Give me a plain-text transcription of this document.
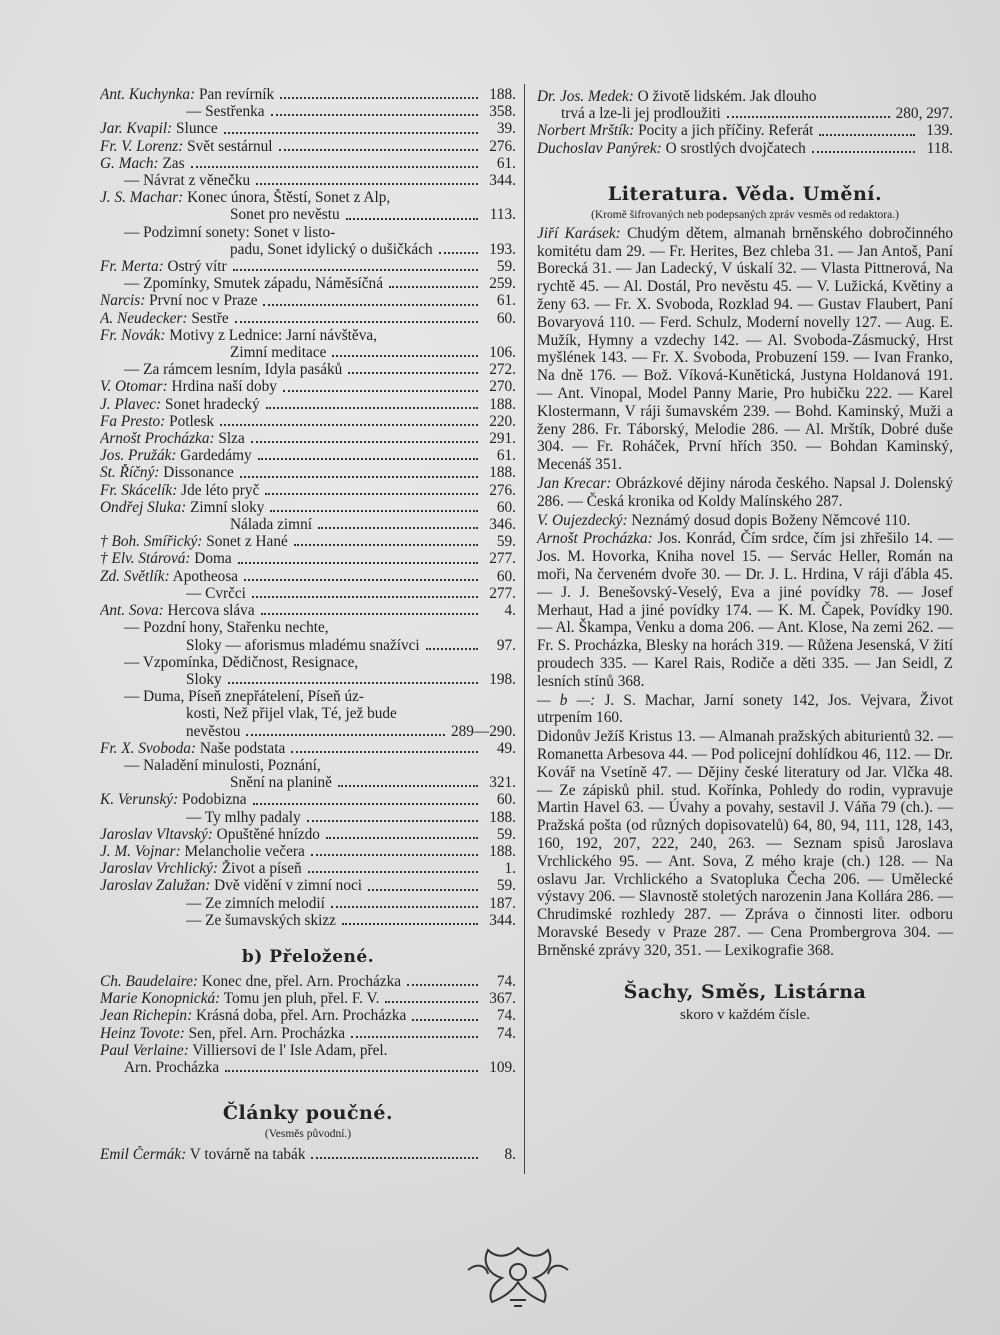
Ant. Kuchynka: Pan revírník	188.
— Sestřenka	358.
Jar. Kvapil: Slunce	39.
Fr. V. Lorenz: Svět sestárnul	276.
G. Mach: Zas	61.
— Návrat z věnečku	344.
J. S. Machar: Konec února, Štěstí, Sonet z Alp,
Sonet pro nevěstu	113.
— Podzimní sonety: Sonet v listo-
padu, Sonet idylický o dušičkách	193.
Fr. Merta: Ostrý vítr	59.
— Zpomínky, Smutek západu, Náměsíčná	259.
Narcis: První noc v Praze	61.
A. Neudecker: Sestře	60.
Fr. Novák: Motivy z Lednice: Jarní návštěva,
Zimní meditace	106.
— Za rámcem lesním, Idyla pasáků	272.
V. Otomar: Hrdina naší doby	270.
J. Plavec: Sonet hradecký	188.
Fa Presto: Potlesk	220.
Arnošt Procházka: Slza	291.
Jos. Pružák: Gardedámy	61.
St. Říčný: Dissonance	188.
Fr. Skácelík: Jde léto pryč	276.
Ondřej Sluka: Zimní sloky	60.
Nálada zimní	346.
† Boh. Smířický: Sonet z Hané	59.
† Elv. Stárová: Doma	277.
Zd. Světlík: Apotheosa	60.
— Cvrčci	277.
Ant. Sova: Hercova sláva	4.
— Pozdní hony, Stařenku nechte,
Sloky — aforismus mladému snažívci	97.
— Vzpomínka, Dědičnost, Resignace,
Sloky	198.
— Duma, Píseň znepřátelení, Píseň úz-
kosti, Než přijel vlak, Té, jež bude
nevěstou	289—290.
Fr. X. Svoboda: Naše podstata	49.
— Naladění minulosti, Poznání,
Snění na planině	321.
K. Verunský: Podobizna	60.
— Ty mlhy padaly	188.
Jaroslav Vltavský: Opuštěné hnízdo	59.
J. M. Vojnar: Melancholie večera	188.
Jaroslav Vrchlický: Život a píseň	1.
Jaroslav Zalužan: Dvě vidění v zimní noci	59.
— Ze zimních melodií	187.
— Ze šumavských skizz	344.
b) Přeložené.
Ch. Baudelaire: Konec dne, přel. Arn. Procházka	74.
Marie Konopnická: Tomu jen pluh, přel. F. V.	367.
Jean Richepin: Krásná doba, přel. Arn. Procházka	74.
Heinz Tovote: Sen, přel. Arn. Procházka	74.
Paul Verlaine: Villiersovi de l' Isle Adam, přel.
Arn. Procházka	109.
Články poučné.
(Vesměs původní.)
Emil Čermák: V továrně na tabák	8.
Dr. Jos. Medek: O životě lidském. Jak dlouho
trvá a lze-li jej prodloužiti	280, 297.
Norbert Mrštík: Pocity a jich příčiny. Referát	139.
Duchoslav Panýrek: O srostlých dvojčatech	118.
Literatura. Věda. Umění.
(Kromě šifrovaných neb podepsaných zpráv vesměs od redaktora.)
Jiří Karásek: Chudým dětem, almanah brněnského dobročinného komitétu dam 29. — Fr. Herites, Bez chleba 31. — Jan Antoš, Paní Borecká 31. — Jan Ladecký, V úskalí 32. — Vlasta Pittnerová, Na rychtě 45. — Al. Dostál, Pro nevěstu 45. — V. Lužická, Květiny a ženy 63. — Fr. X. Svoboda, Rozklad 94. — Gustav Flaubert, Paní Bovaryová 110. — Ferd. Schulz, Moderní novelly 127. — Aug. E. Mužík, Hymny a vzdechy 142. — Al. Svoboda-Zásmucký, Hrst myšlének 143. — Fr. X. Svoboda, Probuzení 159. — Ivan Franko, Na dně 176. — Bož. Víková-Kunětická, Justyna Holdanová 191. — Ant. Vinopal, Model Panny Marie, Pro hubičku 222. — Karel Klostermann, V ráji šumavském 239. — Bohd. Kaminský, Muži a ženy 286. Fr. Táborský, Melodie 286. — Al. Mrštík, Dobré duše 304. — Fr. Roháček, První hřích 350. — Bohdan Kaminský, Mecenáš 351.
Jan Krecar: Obrázkové dějiny národa českého. Napsal J. Dolenský 286. — Česká kronika od Koldy Malínského 287.
V. Oujezdecký: Neznámý dosud dopis Boženy Němcové 110.
Arnošt Procházka: Jos. Konrád, Čím srdce, čím jsi zhřešilo 14. — Jos. M. Hovorka, Kniha novel 15. — Servác Heller, Román na moři, Na červeném dvoře 30. — Dr. J. L. Hrdina, V ráji ďábla 45. — J. J. Benešovský-Veselý, Eva a jiné povídky 78. — Josef Merhaut, Had a jiné povídky 174. — K. M. Čapek, Povídky 190. — Al. Škampa, Venku a doma 206. — Ant. Klose, Na zemi 262. — Fr. S. Procházka, Blesky na horách 319. — Růžena Jesenská, V žití proudech 335. — Karel Rais, Rodiče a děti 335. — Jan Seidl, Z lesních stínů 368.
— b —: J. S. Machar, Jarní sonety 142, Jos. Vejvara, Život utrpením 160.
Didonův Ježíš Kristus 13. — Almanah pražských abiturientů 32. — Romanetta Arbesova 44. — Pod policejní dohlídkou 46, 112. — Dr. Kovář na Vsetíně 47. — Dějiny české literatury od Jar. Vlčka 48. — Ze zápisků phil. stud. Kořínka, Pohledy do rodin, vypravuje Martin Havel 63. — Úvahy a povahy, sestavil J. Váňa 79 (ch.). — Pražská pošta (od různých dopisovatelů) 64, 80, 94, 111, 128, 143, 160, 192, 207, 222, 240, 263. — Seznam spisů Jaroslava Vrchlického 95. — Ant. Sova, Z mého kraje (ch.) 128. — Na oslavu Jar. Vrchlického a Svatopluka Čecha 206. — Umělecké výstavy 206. — Slavnostě stoletých narozenin Jana Kollára 286. — Chrudimské rozhledy 287. — Zpráva o činnosti liter. odboru Moravské Besedy v Praze 287. — Cena Prombergrova 304. — Brněnské zprávy 320, 351. — Lexikografie 368.
Šachy, Směs, Listárna
skoro v každém čísle.
